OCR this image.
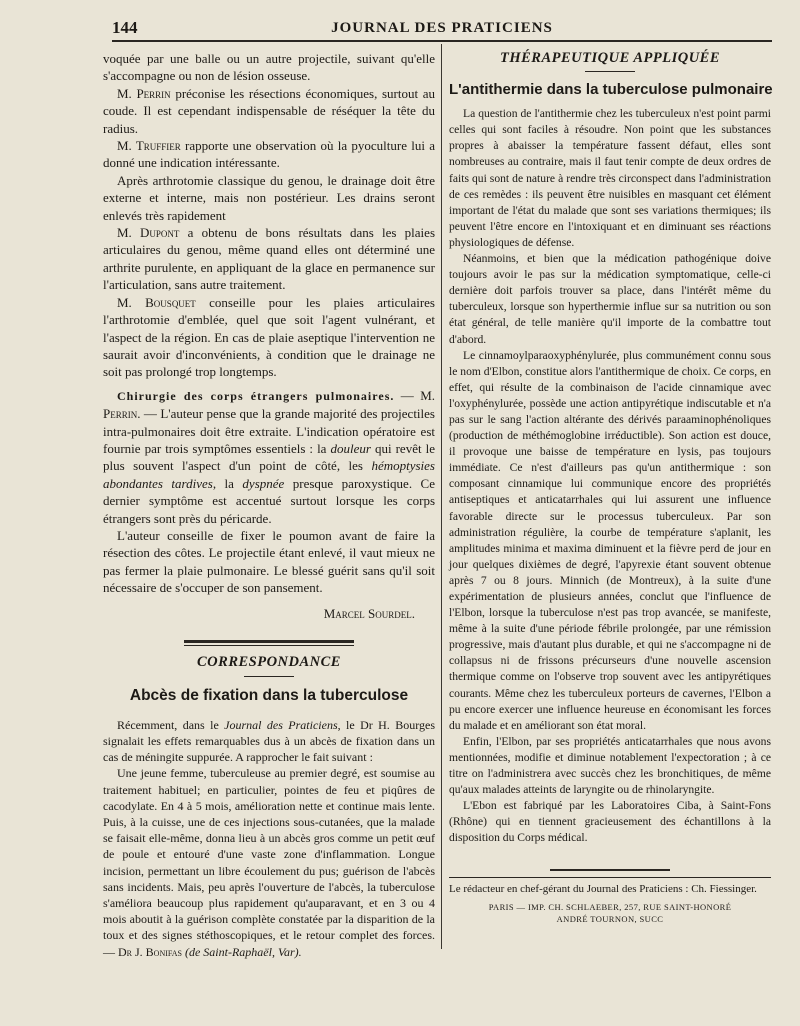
144	JOURNAL DES PRATICIENS

voquée par une balle ou un autre projectile, suivant qu'elle s'accompagne ou non de lésion osseuse.

M. Perrin préconise les résections économiques, surtout au coude. Il est cependant indispensable de réséquer la tête du radius.

M. Truffier rapporte une observation où la pyoculture lui a donné une indication intéressante.

Après arthrotomie classique du genou, le drainage doit être externe et interne, mais non postérieur. Les drains seront enlevés très rapidement

M. Dupont a obtenu de bons résultats dans les plaies articulaires du genou, même quand elles ont déterminé une arthrite purulente, en appliquant de la glace en permanence sur l'articulation, sans autre traitement.

M. Bousquet conseille pour les plaies articulaires l'arthrotomie d'emblée, quel que soit l'agent vulnérant, et l'aspect de la région. En cas de plaie aseptique l'intervention ne saurait avoir d'inconvénients, à condition que le drainage ne soit pas prolongé trop longtemps.

Chirurgie des corps étrangers pulmonaires. — M. Perrin. — L'auteur pense que la grande majorité des projectiles intra-pulmonaires doit être extraite. L'indication opératoire est fournie par trois symptômes essentiels : la douleur qui revêt le plus souvent l'aspect d'un point de côté, les hémoptysies abondantes tardives, la dyspnée presque paroxystique. Ce dernier symptôme est accentué surtout lorsque les corps étrangers sont près du péricarde.

L'auteur conseille de fixer le poumon avant de faire la résection des côtes. Le projectile étant enlevé, il vaut mieux ne pas fermer la plaie pulmonaire. Le blessé guérit sans qu'il soit nécessaire de s'occuper de son pansement.

Marcel Sourdel.

CORRESPONDANCE
Abcès de fixation dans la tuberculose

Récemment, dans le Journal des Praticiens, le Dr H. Bourges signalait les effets remarquables dus à un abcès de fixation dans un cas de méningite suppurée. A rapprocher le fait suivant :

Une jeune femme, tuberculeuse au premier degré, est soumise au traitement habituel; en particulier, pointes de feu et piqûres de cacodylate. En 4 à 5 mois, amélioration nette et continue mais lente. Puis, à la cuisse, une de ces injections sous-cutanées, que la malade se faisait elle-même, donna lieu à un abcès gros comme un petit œuf de poule et entouré d'une vaste zone d'inflammation. Longue incision, permettant un libre écoulement du pus; guérison de l'abcès sans incidents. Mais, peu après l'ouverture de l'abcès, la tuberculose s'améliora beaucoup plus rapidement qu'auparavant, et en 3 ou 4 mois aboutit à la guérison complète constatée par la disparition de la toux et des signes stéthoscopiques, et le retour complet des forces. — Dr J. Bonifas (de Saint-Raphaël, Var).

THÉRAPEUTIQUE APPLIQUÉE
L'antithermie dans la tuberculose pulmonaire

La question de l'antithermie chez les tuberculeux n'est point parmi celles qui sont faciles à résoudre. Non point que les substances propres à abaisser la température fassent défaut, elles sont nombreuses au contraire, mais il faut tenir compte de deux ordres de faits qui sont de nature à rendre très circonspect dans l'administration de ces remèdes : ils peuvent être nuisibles en masquant cet élément important de l'état du malade que sont ses variations thermiques; ils peuvent l'être encore en l'intoxiquant et en diminuant ses réactions physiologiques de défense.

Néanmoins, et bien que la médication pathogénique doive toujours avoir le pas sur la médication symptomatique, celle-ci dernière doit parfois trouver sa place, dans l'intérêt même du tuberculeux, lorsque son hyperthermie influe sur sa nutrition ou son état général, de telle manière qu'il importe de la combattre tout d'abord.

Le cinnamoylparaoxyphénylurée, plus communément connu sous le nom d'Elbon, constitue alors l'antithermique de choix. Ce corps, en effet, qui résulte de la combinaison de l'acide cinnamique avec l'oxyphénylurée, possède une action antipyrétique indiscutable et n'a pas sur le sang l'action altérante des dérivés paraaminophénoliques (production de méthémoglobine irréductible). Son action est douce, il provoque une baisse de température en lysis, pas toujours immédiate. Ce n'est d'ailleurs pas qu'un antithermique : son composant cinnamique lui communique encore des propriétés antiseptiques et anticatarrhales qui lui assurent une influence favorable directe sur le processus tuberculeux. Par son administration régulière, la courbe de température s'aplanit, les amplitudes minima et maxima diminuent et la fièvre perd de jour en jour quelques dixièmes de degré, l'apyrexie étant souvent obtenue après 7 ou 8 jours. Minnich (de Montreux), à la suite d'une expérimentation de plusieurs années, conclut que l'influence de l'Elbon, lorsque la tuberculose n'est pas trop avancée, se manifeste, même à la suite d'une période fébrile prolongée, par une rémission progressive, mais d'autant plus durable, et qui ne s'accompagne ni de collapsus ni de frissons précurseurs d'une nouvelle ascension thermique comme on l'observe trop souvent avec les antipyrétiques courants. Même chez les tuberculeux porteurs de cavernes, l'Elbon a pu encore exercer une influence heureuse en économisant les forces du malade et en améliorant son état moral.

Enfin, l'Elbon, par ses propriétés anticatarrhales que nous avons mentionnées, modifie et diminue notablement l'expectoration ; à ce titre on l'administrera avec succès chez les bronchitiques, de même qu'aux malades atteints de laryngite ou de rhinolaryngite.

L'Ebon est fabriqué par les Laboratoires Ciba, à Saint-Fons (Rhône) qui en tiennent gracieusement des échantillons à la disposition du Corps médical.

Le rédacteur en chef-gérant du Journal des Praticiens : Ch. Fiessinger.
PARIS — IMP. CH. SCHLAEBER, 257, RUE SAINT-HONORÉ
ANDRÉ TOURNON, SUCC
